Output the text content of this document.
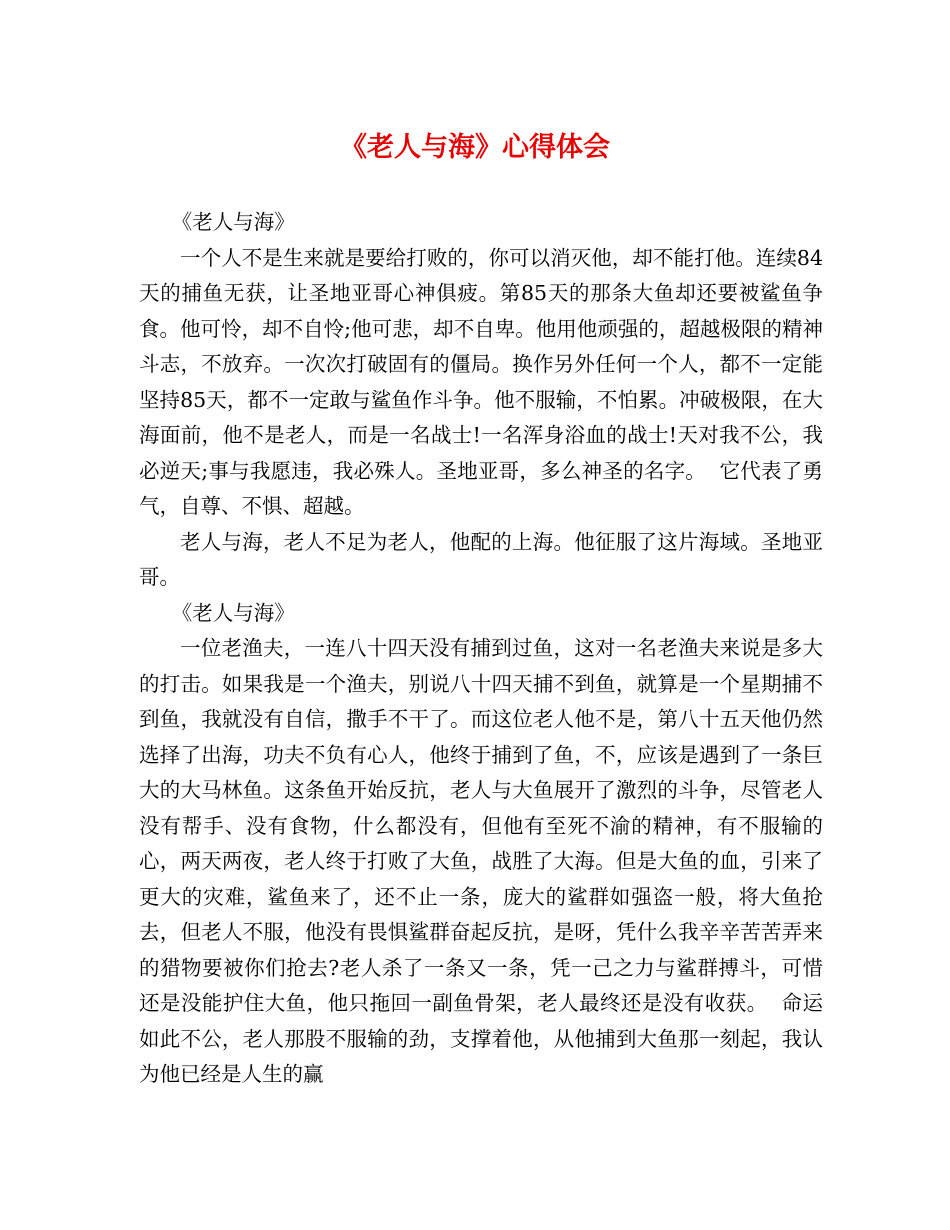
《老人与海》心得体会

《老人与海》

一个人不是生来就是要给打败的，你可以消灭他，却不能打他。连续84天的捕鱼无获，让圣地亚哥心神俱疲。第85天的那条大鱼却还要被鲨鱼争食。他可怜，却不自怜;他可悲，却不自卑。他用他顽强的，超越极限的精神斗志，不放弃。一次次打破固有的僵局。换作另外任何一个人，都不一定能坚持85天，都不一定敢与鲨鱼作斗争。他不服输，不怕累。冲破极限，在大海面前，他不是老人，而是一名战士!一名浑身浴血的战士!天对我不公，我必逆天;事与我愿违，我必殊人。圣地亚哥，多么神圣的名字。  它代表了勇气，自尊、不惧、超越。

老人与海，老人不足为老人，他配的上海。他征服了这片海域。圣地亚哥。

《老人与海》

一位老渔夫，一连八十四天没有捕到过鱼，这对一名老渔夫来说是多大的打击。如果我是一个渔夫，别说八十四天捕不到鱼，就算是一个星期捕不到鱼，我就没有自信，撒手不干了。而这位老人他不是，第八十五天他仍然选择了出海，功夫不负有心人，他终于捕到了鱼，不，应该是遇到了一条巨大的大马林鱼。这条鱼开始反抗，老人与大鱼展开了激烈的斗争，尽管老人没有帮手、没有食物，什么都没有，但他有至死不渝的精神，有不服输的心，两天两夜，老人终于打败了大鱼，战胜了大海。但是大鱼的血，引来了更大的灾难，鲨鱼来了，还不止一条，庞大的鲨群如强盗一般，将大鱼抢去，但老人不服，他没有畏惧鲨群奋起反抗，是呀，凭什么我辛辛苦苦弄来的猎物要被你们抢去?老人杀了一条又一条，凭一己之力与鲨群搏斗，可惜还是没能护住大鱼，他只拖回一副鱼骨架，老人最终还是没有收获。  命运如此不公，老人那股不服输的劲，支撑着他，从他捕到大鱼那一刻起，我认为他已经是人生的赢
